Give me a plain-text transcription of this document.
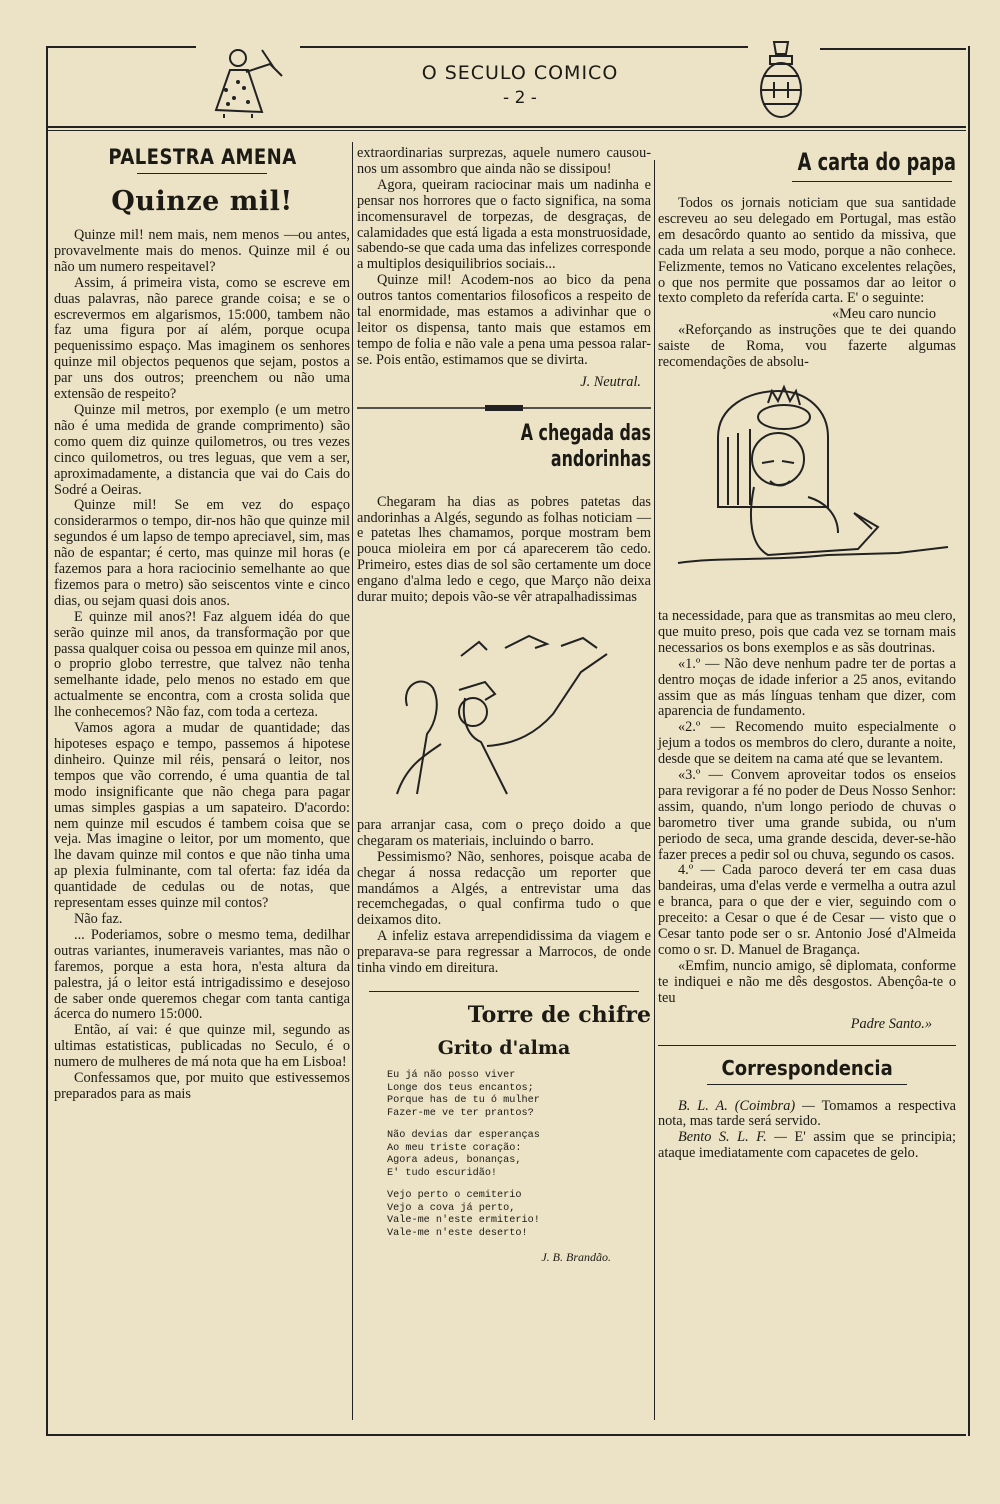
O SECULO COMICO
- 2 -
PALESTRA AMENA
Quinze mil!

Quinze mil! nem mais, nem menos —ou antes, provavelmente mais do menos. Quinze mil é ou não um numero respeitavel?

Assim, á primeira vista, como se escreve em duas palavras, não parece grande coisa; e se o escrevermos em algarismos, 15:000, tambem não faz uma figura por aí além, porque ocupa pequenissimo espaço. Mas imaginem os senhores quinze mil objectos pequenos que sejam, postos a par uns dos outros; preenchem ou não uma extensão de respeito?

Quinze mil metros, por exemplo (e um metro não é uma medida de grande comprimento) são como quem diz quinze quilometros, ou tres vezes cinco quilometros, ou tres leguas, que vem a ser, aproximadamente, a distancia que vai do Cais do Sodré a Oeiras.

Quinze mil! Se em vez do espaço considerarmos o tempo, dir-nos hão que quinze mil segundos é um lapso de tempo apreciavel, sim, mas não de espantar; é certo, mas quinze mil horas (e fazemos para a hora raciocinio semelhante ao que fizemos para o metro) são seiscentos vinte e cinco dias, ou sejam quasi dois anos.

E quinze mil anos?! Faz alguem idéa do que serão quinze mil anos, da transformação por que passa qualquer coisa ou pessoa em quinze mil anos, o proprio globo terrestre, que talvez não tenha semelhante idade, pelo menos no estado em que actualmente se encontra, com a crosta solida que lhe conhecemos? Não faz, com toda a certeza.

Vamos agora a mudar de quantidade; das hipoteses espaço e tempo, passemos á hipotese dinheiro. Quinze mil réis, pensará o leitor, nos tempos que vão correndo, é uma quantia de tal modo insignificante que não chega para pagar umas simples gaspias a um sapateiro. D'acordo: nem quinze mil escudos é tambem coisa que se veja. Mas imagine o leitor, por um momento, que lhe davam quinze mil contos e que não tinha uma ap plexia fulminante, com tal oferta: faz idéa da quantidade de cedulas ou de notas, que representam esses quinze mil contos?

Não faz.

... Poderiamos, sobre o mesmo tema, dedilhar outras variantes, inumeraveis variantes, mas não o faremos, porque a esta hora, n'esta altura da palestra, já o leitor está intrigadissimo e desejoso de saber onde queremos chegar com tanta cantiga ácerca do numero 15:000.

Então, aí vai: é que quinze mil, segundo as ultimas estatisticas, publicadas no Seculo, é o numero de mulheres de má nota que ha em Lisboa!

Confessamos que, por muito que estivessemos preparados para as mais

extraordinarias surprezas, aquele numero causou-nos um assombro que ainda não se dissipou!

Agora, queiram raciocinar mais um nadinha e pensar nos horrores que o facto significa, na soma incomensuravel de torpezas, de desgraças, de calamidades que está ligada a esta monstruosidade, sabendo-se que cada uma das infelizes corresponde a multiplos desiquilibrios sociais...

Quinze mil! Acodem-nos ao bico da pena outros tantos comentarios filosoficos a respeito de tal enormidade, mas estamos a adivinhar que o leitor os dispensa, tanto mais que estamos em tempo de folia e não vale a pena uma pessoa ralar-se. Pois então, estimamos que se divirta.

J. Neutral.
A chegada das andorinhas

Chegaram ha dias as pobres patetas das andorinhas a Algés, segundo as folhas noticiam — e patetas lhes chamamos, porque mostram bem pouca mioleira em por cá aparecerem tão cedo. Primeiro, estes dias de sol são certamente um doce engano d'alma ledo e cego, que Março não deixa durar muito; depois vão-se vêr atrapalhadissimas

para arranjar casa, com o preço doido a que chegaram os materiais, incluindo o barro.

Pessimismo? Não, senhores, poisque acaba de chegar á nossa redacção um reporter que mandámos a Algés, a entrevistar uma das recemchegadas, o qual confirma tudo o que deixamos dito.

A infeliz estava arrependidissima da viagem e preparava-se para regressar a Marrocos, de onde tinha vindo em direitura.

Torre de chifre
Grito d'alma
Eu já não posso viver
Longe dos teus encantos;
Porque has de tu ó mulher
Fazer-me ve ter prantos?
Não devias dar esperanças
Ao meu triste coração:
Agora adeus, bonanças,
E' tudo escuridão!
Vejo perto o cemiterio
Vejo a cova já perto,
Vale-me n'este ermiterio!
Vale-me n'este deserto!
J. B. Brandão.
A carta do papa

Todos os jornais noticiam que sua santidade escreveu ao seu delegado em Portugal, mas estão em desacôrdo quanto ao sentido da missiva, que cada um relata a seu modo, porque a não conhece. Felizmente, temos no Vaticano excelentes relações, o que nos permite que possamos dar ao leitor o texto completo da referída carta. E' o seguinte:

«Meu caro nuncio

«Reforçando as instruções que te dei quando saiste de Roma, vou fazerte algumas recomendações de absolu-

ta necessidade, para que as transmitas ao meu clero, que muito preso, pois que cada vez se tornam mais necessarios os bons exemplos e as sãs doutrinas.

«1.º — Não deve nenhum padre ter de portas a dentro moças de idade inferior a 25 anos, evitando assim que as más línguas tenham que dizer, com aparencia de fundamento.

«2.º — Recomendo muito especialmente o jejum a todos os membros do clero, durante a noite, desde que se deitem na cama até que se levantem.

«3.º — Convem aproveitar todos os enseios para revigorar a fé no poder de Deus Nosso Senhor: assim, quando, n'um longo periodo de chuvas o barometro tiver uma grande subida, ou n'um periodo de seca, uma grande descida, dever-se-hão fazer preces a pedir sol ou chuva, segundo os casos.

4.º — Cada paroco deverá ter em casa duas bandeiras, uma d'elas verde e vermelha a outra azul e branca, para o que der e vier, seguindo com o preceito: a Cesar o que é de Cesar — visto que o Cesar tanto pode ser o sr. Antonio José d'Almeida como o sr. D. Manuel de Bragança.

«Emfim, nuncio amigo, sê diplomata, conforme te indiquei e não me dês desgostos. Abençôa-te o teu

Padre Santo.»
Correspondencia

B. L. A. (Coimbra) — Tomamos a respectiva nota, mas tarde será servido.

Bento S. L. F. — E' assim que se principia; ataque imediatamente com capacetes de gelo.
